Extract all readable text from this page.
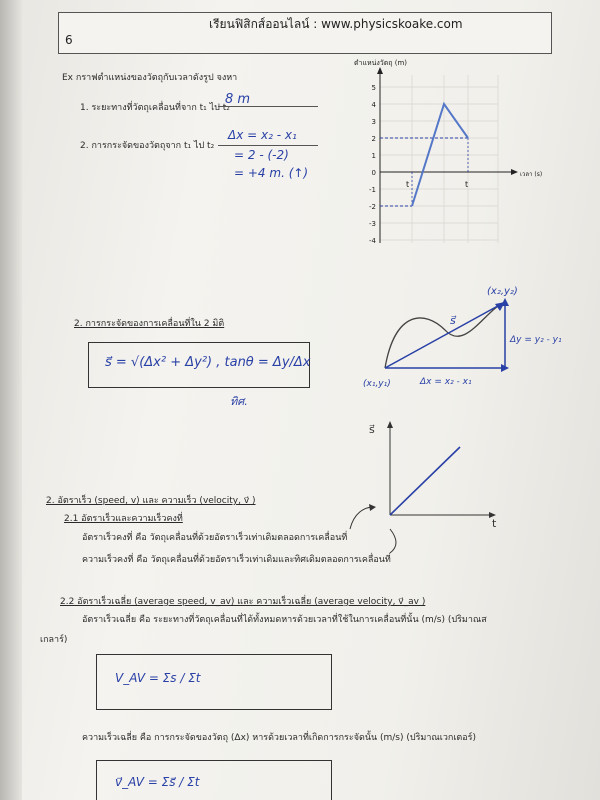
6
เรียนฟิสิกส์ออนไลน์ : www.physicskoake.com
Ex กราฟตำแหน่งของวัตถุกับเวลาดังรูป จงหา
1. ระยะทางที่วัตถุเคลื่อนที่จาก t₁ ไป t₂
8 m
2. การกระจัดของวัตถุจาก t₁ ไป t₂
Δx = x₂ - x₁
= 2 - (-2)
= +4 m. (↑)
ตำแหน่งวัตถุ (m)
เวลา (s)
5
4
3
2
1
0
-1
-2
-3
-4
t	t
2. การกระจัดของการเคลื่อนที่ใน 2 มิติ
s⃗ = √(Δx² + Δy²) , tanθ = Δy/Δx
ทิศ.
(x₂,y₂)
(x₁,y₁)
s⃗
Δy = y₂ - y₁
Δx = x₂ - x₁
s⃗
t
2. อัตราเร็ว (speed, v) และ ความเร็ว (velocity, v⃗ )
2.1 อัตราเร็วและความเร็วคงที่
อัตราเร็วคงที่ คือ วัตถุเคลื่อนที่ด้วยอัตราเร็วเท่าเดิมตลอดการเคลื่อนที่
ความเร็วคงที่ คือ วัตถุเคลื่อนที่ด้วยอัตราเร็วเท่าเดิมและทิศเดิมตลอดการเคลื่อนที่
2.2 อัตราเร็วเฉลี่ย (average speed, v_av) และ ความเร็วเฉลี่ย (average velocity, v⃗_av )
อัตราเร็วเฉลี่ย คือ ระยะทางที่วัตถุเคลื่อนที่ได้ทั้งหมดหารด้วยเวลาที่ใช้ในการเคลื่อนที่นั้น (m/s) (ปริมาณส
เกลาร์)
V_AV = Σs / Σt
ความเร็วเฉลี่ย คือ การกระจัดของวัตถุ (Δx) หารด้วยเวลาที่เกิดการกระจัดนั้น (m/s) (ปริมาณเวกเตอร์)
v⃗_AV = Σs⃗ / Σt
